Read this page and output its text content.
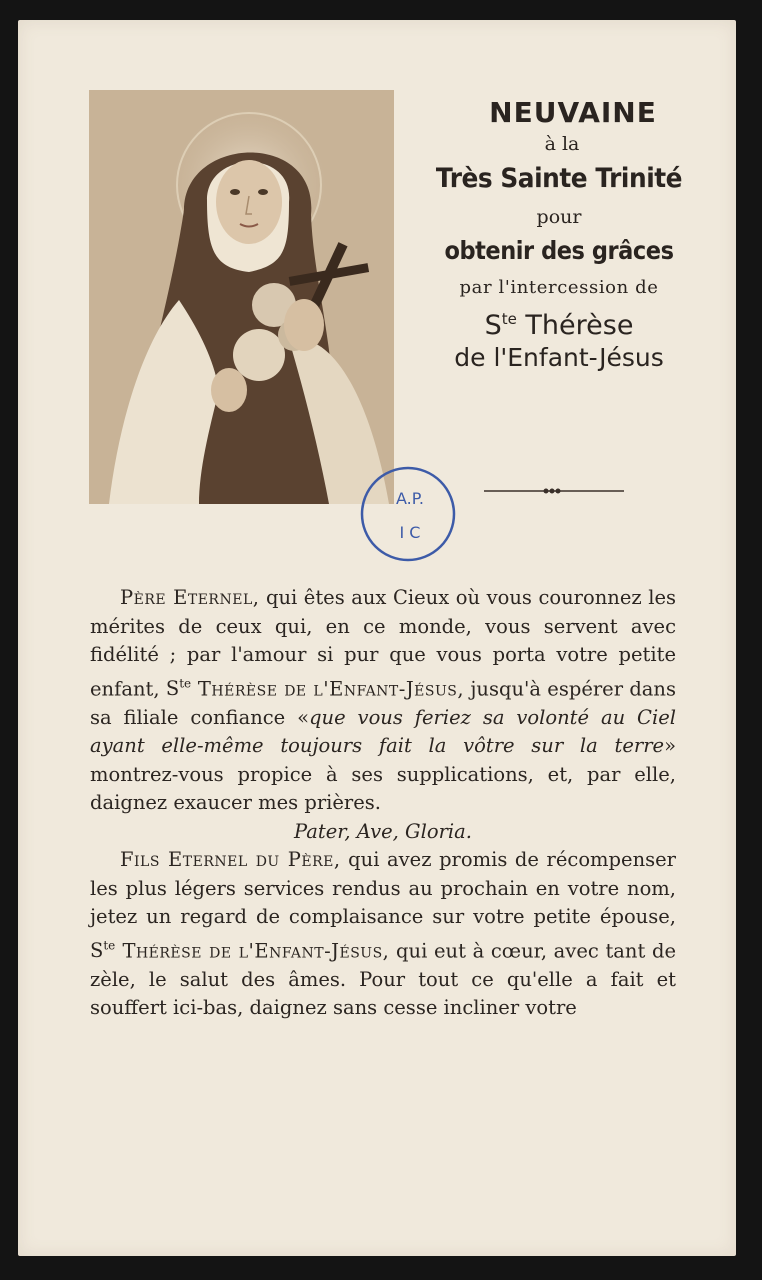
NEUVAINE
à la
Très Sainte Trinité
pour
obtenir des grâces
par l'intercession de
$S^{te}$ Thérèse
de l'Enfant-Jésus
A.P.
I C

Père Eternel, qui êtes aux Cieux où vous couronnez les mérites de ceux qui, en ce monde, vous servent avec fidélité ; par l'amour si pur que vous porta votre petite enfant, $S^{te}$ Thérèse de l'Enfant-Jésus, jusqu'à espérer dans sa filiale confiance «que vous feriez sa volonté au Ciel ayant elle-même toujours fait la vôtre sur la terre» montrez-vous propice à ses supplications, et, par elle, daignez exaucer mes prières.

Pater, Ave, Gloria.

Fils Eternel du Père, qui avez promis de récompenser les plus légers services rendus au prochain en votre nom, jetez un regard de complaisance sur votre petite épouse, $S^{te}$ Thérèse de l'Enfant-Jésus, qui eut à cœur, avec tant de zèle, le salut des âmes. Pour tout ce qu'elle a fait et souffert ici-bas, daignez sans cesse incliner votre
